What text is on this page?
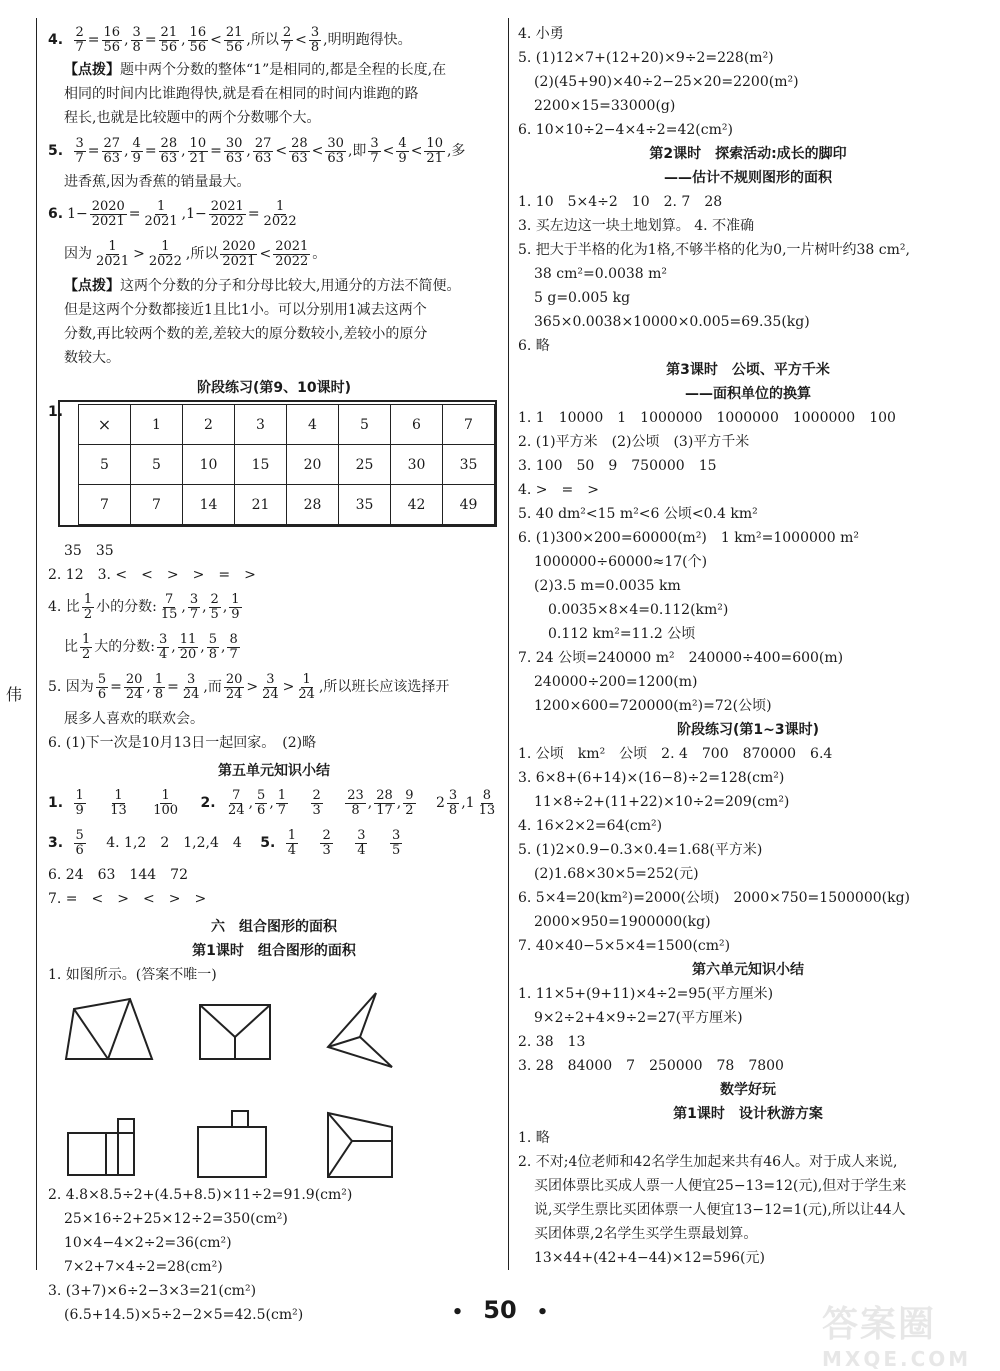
伟
4. $\frac{2}{7} = \frac{16}{56}$ , $\frac{3}{8} = \frac{21}{56}$ , $\frac{16}{56} < \frac{21}{56}$ ,所以 $\frac{2}{7} < \frac{3}{8}$ ,明明跑得快。
【点拨】题中两个分数的整体“1”是相同的,都是全程的长度,在
相同的时间内比谁跑得快,就是看在相同的时间内谁跑的路
程长,也就是比较题中的两个分数哪个大。
5. $\frac{3}{7} = \frac{27}{63}$ , $\frac{4}{9} = \frac{28}{63}$ , $\frac{10}{21} = \frac{30}{63}$ , $\frac{27}{63} < \frac{28}{63} < \frac{30}{63}$ ,即 $\frac{3}{7} < \frac{4}{9} < \frac{10}{21}$ ,多
进香蕉,因为香蕉的销量最大。
6. $1- \frac{2020}{2021} = \frac{1}{2021} ,1- \frac{2021}{2022} = \frac{1}{2022}$
因为 $\frac{1}{2021} > \frac{1}{2022}$ ,所以 $\frac{2020}{2021} < \frac{2021}{2022}$ 。
【点拨】这两个分数的分子和分母比较大,用通分的方法不简便。
但是这两个分数都接近1且比1小。可以分别用1减去这两个
分数,再比较两个数的差,差较大的原分数较小,差较小的原分
数较大。
阶段练习(第9、10课时)
1.
×	1	2	3	4	5	6	7
5	5	10	15	20	25	30	35
7	7	14	21	28	35	42	49
35　35
2. 12　3. <　<　>　>　=　>
4. 比 $\frac{1}{2}$ 小的分数: $\frac{7}{15}$ , $\frac{3}{7}$ , $\frac{2}{5}$ , $\frac{1}{9}$
比 $\frac{1}{2}$ 大的分数: $\frac{3}{4}$ , $\frac{11}{20}$ , $\frac{5}{8}$ , $\frac{8}{7}$
5. 因为 $\frac{5}{6} = \frac{20}{24}$ , $\frac{1}{8} = \frac{3}{24}$ ,而 $\frac{20}{24} > \frac{3}{24} > \frac{1}{24}$ ,所以班长应该选择开
展多人喜欢的联欢会。
6. (1)下一次是10月13日一起回家。　(2)略
第五单元知识小结
1. $\frac{1}{9}$
　 $\frac{1}{13}$
　 $\frac{1}{100}$
　 2. $\frac{7}{24}$ , $\frac{5}{6}$ , $\frac{1}{7}$
　 $\frac{2}{3}$
　 $\frac{23}{8}$ , $\frac{28}{17}$ , $\frac{9}{2}$
　 $2 \frac{3}{8} ,1 \frac{8}{13}$
3. $\frac{5}{6}$
　 4. 1,2　2　1,2,4　4　 5. $\frac{1}{4}$
　 $\frac{2}{3}$
　 $\frac{3}{4}$
　 $\frac{3}{5}$
6. 24　63　144　72
7. =　<　>　<　>　>
六　组合图形的面积
第1课时　组合图形的面积
1. 如图所示。(答案不唯一)
2. 4.8×8.5÷2+(4.5+8.5)×11÷2=91.9(cm²)
25×16÷2+25×12÷2=350(cm²)
10×4−4×2÷2=36(cm²)
7×2+7×4÷2=28(cm²)
3. (3+7)×6÷2−3×3=21(cm²)
(6.5+14.5)×5÷2−2×5=42.5(cm²)
4. 小勇
5. (1)12×7+(12+20)×9÷2=228(m²)
(2)(45+90)×40÷2−25×20=2200(m²)
2200×15=33000(g)
6. 10×10÷2−4×4÷2=42(cm²)
第2课时　探索活动:成长的脚印
——估计不规则图形的面积
1. 10　5×4÷2　10　2. 7　28
3. 买左边这一块土地划算。 4. 不准确
5. 把大于半格的化为1格,不够半格的化为0,一片树叶约38 cm²,
38 cm²=0.0038 m²
5 g=0.005 kg
365×0.0038×10000×0.005=69.35(kg)
6. 略
第3课时　公顷、平方千米
——面积单位的换算
1. 1　10000　1　1000000　1000000　1000000　100
2. (1)平方米　(2)公顷　(3)平方千米
3. 100　50　9　750000　15
4. >　=　>
5. 40 dm²<15 m²<6 公顷<0.4 km²
6. (1)300×200=60000(m²)　1 km²=1000000 m²
1000000÷60000≈17(个)
(2)3.5 m=0.0035 km
0.0035×8×4=0.112(km²)
0.112 km²=11.2 公顷
7. 24 公顷=240000 m²　240000÷400=600(m)
240000÷200=1200(m)
1200×600=720000(m²)=72(公顷)
阶段练习(第1~3课时)
1. 公顷　km²　公顷　2. 4　700　870000　6.4
3. 6×8+(6+14)×(16−8)÷2=128(cm²)
11×8÷2+(11+22)×10÷2=209(cm²)
4. 16×2×2=64(cm²)
5. (1)2×0.9−0.3×0.4=1.68(平方米)
(2)1.68×30×5=252(元)
6. 5×4=20(km²)=2000(公顷)　2000×750=1500000(kg)
2000×950=1900000(kg)
7. 40×40−5×5×4=1500(cm²)
第六单元知识小结
1. 11×5+(9+11)×4÷2=95(平方厘米)
9×2÷2+4×9÷2=27(平方厘米)
2. 38　13
3. 28　84000　7　250000　78　7800
数学好玩
第1课时　设计秋游方案
1. 略
2. 不对;4位老师和42名学生加起来共有46人。对于成人来说,
买团体票比买成人票一人便宜25−13=12(元),但对于学生来
说,买学生票比买团体票一人便宜13−12=1(元),所以让44人
买团体票,2名学生买学生票最划算。
13×44+(42+4−44)×12=596(元)
• 50 •	答案圈
MXQE.COM
